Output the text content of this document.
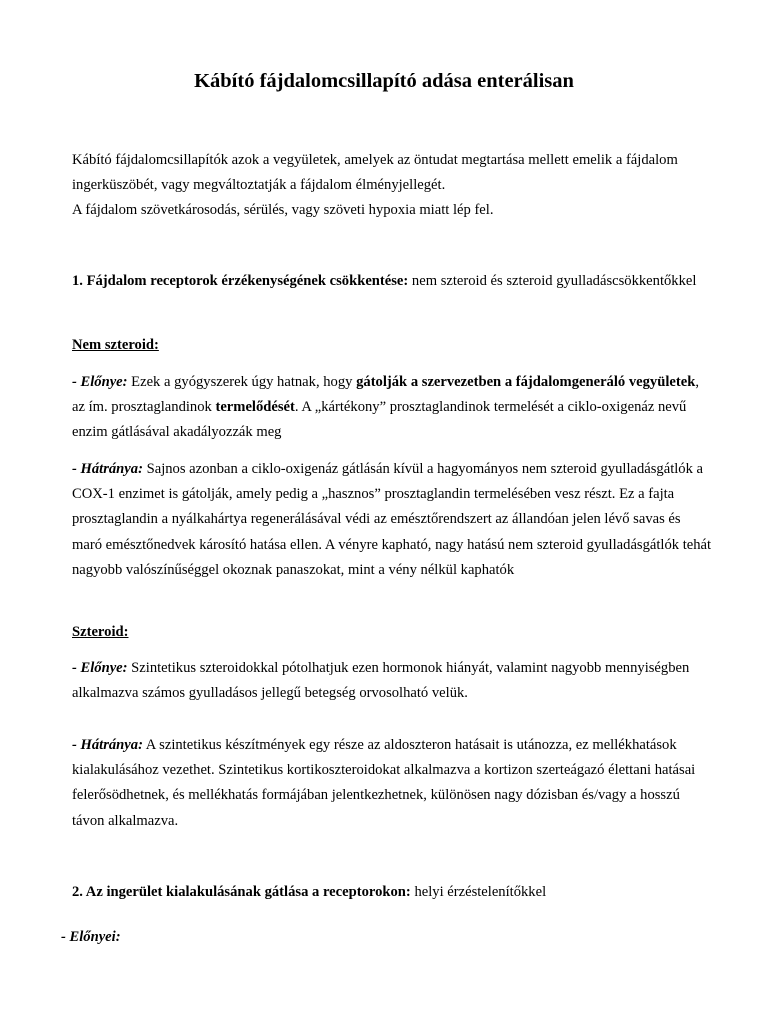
Kábító fájdalomcsillapító adása enterálisan

Kábító fájdalomcsillapítók azok a vegyületek, amelyek az öntudat megtartása mellett emelik a fájdalom ingerküszöbét, vagy megváltoztatják a fájdalom élményjellegét.
A fájdalom szövetkárosodás, sérülés, vagy szöveti hypoxia miatt lép fel.

1. Fájdalom receptorok érzékenységének csökkentése: nem szteroid és szteroid gyulladáscsökkentőkkel

Nem szteroid:

- Előnye: Ezek a gyógyszerek úgy hatnak, hogy gátolják a szervezetben a fájdalomgeneráló vegyületek, az ím. prosztaglandinok termelődését. A „kártékony” prosztaglandinok termelését a ciklo-oxigenáz nevű enzim gátlásával akadályozzák meg

- Hátránya: Sajnos azonban a ciklo-oxigenáz gátlásán kívül a hagyományos nem szteroid gyulladásgátlók a COX-1 enzimet is gátolják, amely pedig a „hasznos” prosztaglandin termelésében vesz részt. Ez a fajta prosztaglandin a nyálkahártya regenerálásával védi az emésztőrendszert az állandóan jelen lévő savas és maró emésztőnedvek károsító hatása ellen. A vényre kapható, nagy hatású nem szteroid gyulladásgátlók tehát nagyobb valószínűséggel okoznak panaszokat, mint a vény nélkül kaphatók

Szteroid:

- Előnye: Szintetikus szteroidokkal pótolhatjuk ezen hormonok hiányát, valamint nagyobb mennyiségben alkalmazva számos gyulladásos jellegű betegség orvosolható velük.

- Hátránya: A szintetikus készítmények egy része az aldoszteron hatásait is utánozza, ez mellékhatások kialakulásához vezethet. Szintetikus kortikoszteroidokat alkalmazva a kortizon szerteágazó élettani hatásai felerősödhetnek, és mellékhatás formájában jelentkezhetnek, különösen nagy dózisban és/vagy a hosszú távon alkalmazva.

2. Az ingerület kialakulásának gátlása a receptorokon: helyi érzéstelenítőkkel

- Előnyei:
